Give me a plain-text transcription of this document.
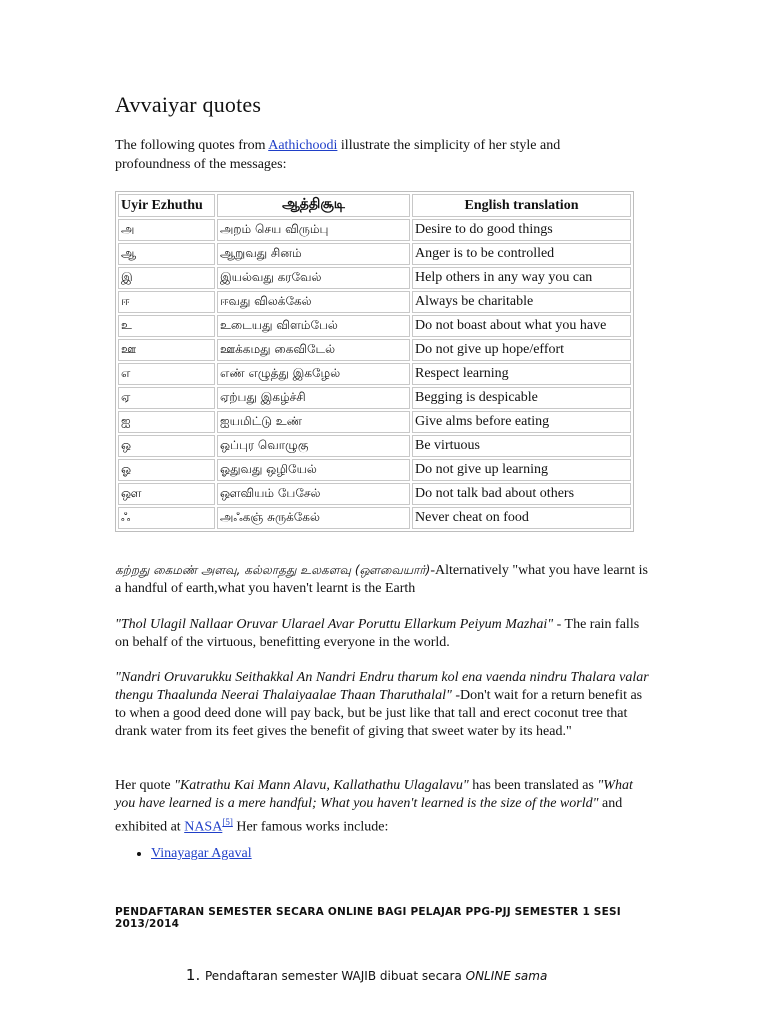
Avvaiyar quotes

The following quotes from Aathichoodi illustrate the simplicity of her style and profoundness of the messages:

Uyir Ezhuthu	ஆத்திசூடி	English translation
அ	அறம் செய விரும்பு	Desire to do good things
ஆ	ஆறுவது சினம்	Anger is to be controlled
இ	இயல்வது கரவேல்	Help others in any way you can
ஈ	ஈவது விலக்கேல்	Always be charitable
உ	உடையது விளம்பேல்	Do not boast about what you have
ஊ	ஊக்கமது கைவிடேல்	Do not give up hope/effort
எ	எண் எழுத்து இகழேல்	Respect learning
ஏ	ஏற்பது இகழ்ச்சி	Begging is despicable
ஐ	ஐயமிட்டு உண்	Give alms before eating
ஒ	ஒப்புர வொழுகு	Be virtuous
ஓ	ஓதுவது ஒழியேல்	Do not give up learning
ஔ	ஔவியம் பேசேல்	Do not talk bad about others
ஃ	அஃகஞ் சுருக்கேல்	Never cheat on food

கற்றது கைமண் அளவு, கல்லாதது உலகளவு (ஔவையார்)-Alternatively "what you have learnt is a handful of earth,what you haven't learnt is the Earth

"Thol Ulagil Nallaar Oruvar Ularael Avar Poruttu Ellarkum Peiyum Mazhai" - The rain falls on behalf of the virtuous, benefitting everyone in the world.

"Nandri Oruvarukku Seithakkal An Nandri Endru tharum kol ena vaenda nindru Thalara valar thengu Thaalunda Neerai Thalaiyaalae Thaan Tharuthalal" -Don't wait for a return benefit as to when a good deed done will pay back, but be just like that tall and erect coconut tree that drank water from its feet gives the benefit of giving that sweet water by its head."

Her quote "Katrathu Kai Mann Alavu, Kallathathu Ulagalavu" has been translated as "What you have learned is a mere handful; What you haven't learned is the size of the world" and exhibited at NASA[5] Her famous works include:

• Vinayagar Agaval

PENDAFTARAN SEMESTER SECARA ONLINE BAGI PELAJAR PPG-PJJ SEMESTER 1 SESI 2013/2014

1. Pendaftaran semester WAJIB dibuat secara ONLINE sama
